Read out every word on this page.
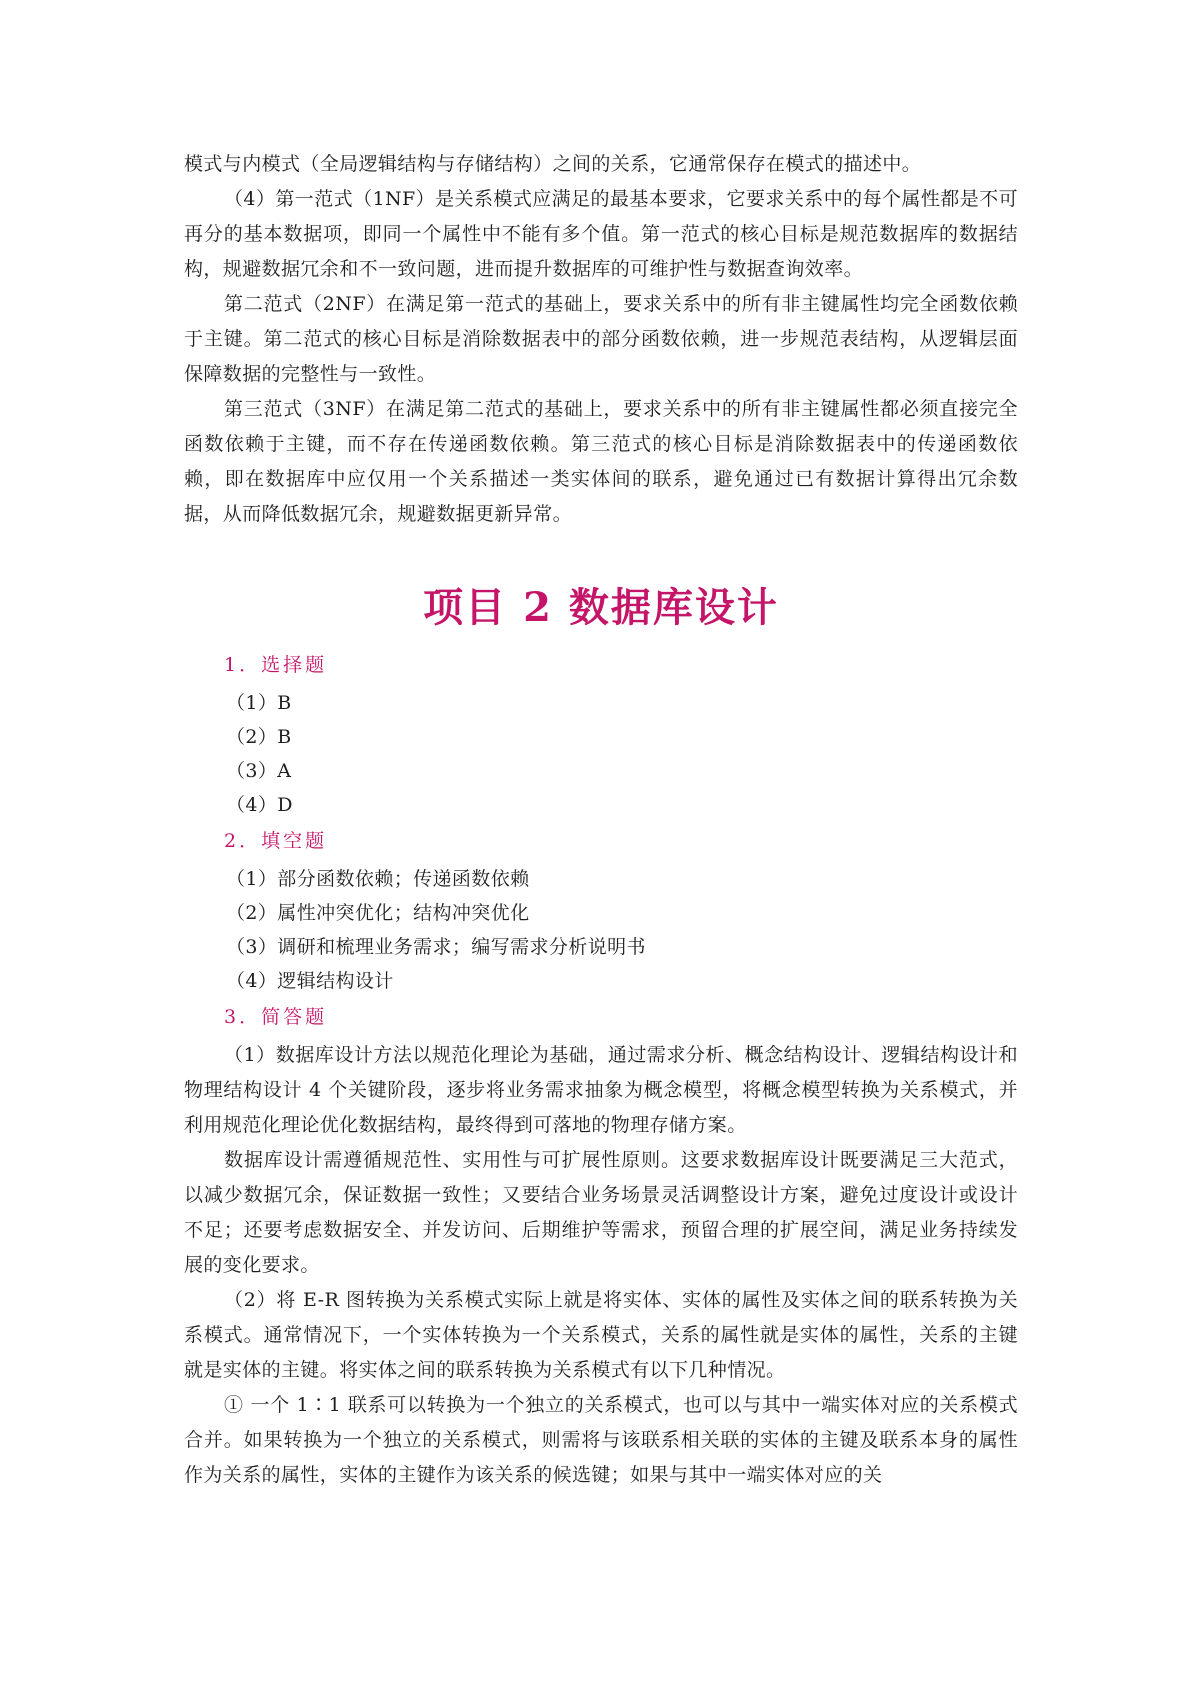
模式与内模式（全局逻辑结构与存储结构）之间的关系，它通常保存在模式的描述中。

（4）第一范式（1NF）是关系模式应满足的最基本要求，它要求关系中的每个属性都是不可再分的基本数据项，即同一个属性中不能有多个值。第一范式的核心目标是规范数据库的数据结构，规避数据冗余和不一致问题，进而提升数据库的可维护性与数据查询效率。

第二范式（2NF）在满足第一范式的基础上，要求关系中的所有非主键属性均完全函数依赖于主键。第二范式的核心目标是消除数据表中的部分函数依赖，进一步规范表结构，从逻辑层面保障数据的完整性与一致性。

第三范式（3NF）在满足第二范式的基础上，要求关系中的所有非主键属性都必须直接完全函数依赖于主键，而不存在传递函数依赖。第三范式的核心目标是消除数据表中的传递函数依赖，即在数据库中应仅用一个关系描述一类实体间的联系，避免通过已有数据计算得出冗余数据，从而降低数据冗余，规避数据更新异常。

项目 2 数据库设计
1．选择题
（1）B
（2）B
（3）A
（4）D
2．填空题
（1）部分函数依赖；传递函数依赖
（2）属性冲突优化；结构冲突优化
（3）调研和梳理业务需求；编写需求分析说明书
（4）逻辑结构设计
3．简答题

（1）数据库设计方法以规范化理论为基础，通过需求分析、概念结构设计、逻辑结构设计和物理结构设计 4 个关键阶段，逐步将业务需求抽象为概念模型，将概念模型转换为关系模式，并利用规范化理论优化数据结构，最终得到可落地的物理存储方案。

数据库设计需遵循规范性、实用性与可扩展性原则。这要求数据库设计既要满足三大范式，以减少数据冗余，保证数据一致性；又要结合业务场景灵活调整设计方案，避免过度设计或设计不足；还要考虑数据安全、并发访问、后期维护等需求，预留合理的扩展空间，满足业务持续发展的变化要求。

（2）将 E-R 图转换为关系模式实际上就是将实体、实体的属性及实体之间的联系转换为关系模式。通常情况下，一个实体转换为一个关系模式，关系的属性就是实体的属性，关系的主键就是实体的主键。将实体之间的联系转换为关系模式有以下几种情况。

① 一个 1∶1 联系可以转换为一个独立的关系模式，也可以与其中一端实体对应的关系模式合并。如果转换为一个独立的关系模式，则需将与该联系相关联的实体的主键及联系本身的属性作为关系的属性，实体的主键作为该关系的候选键；如果与其中一端实体对应的关
